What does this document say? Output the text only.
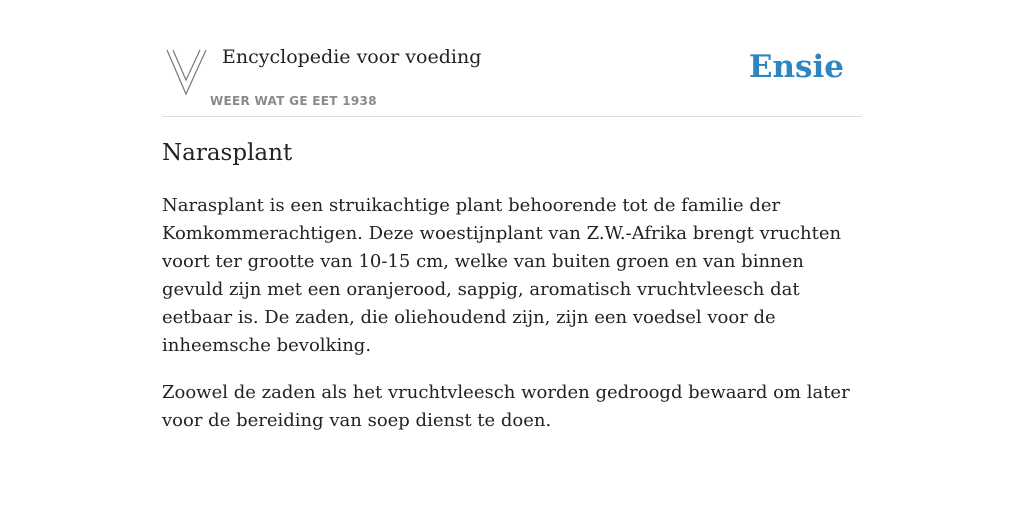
Encyclopedie voor voeding
WEER WAT GE EET 1938
Ensie
Narasplant

Narasplant is een struikachtige plant behoorende tot de familie der Komkommerachtigen. Deze woestijnplant van Z.W.-Afrika brengt vruchten voort ter grootte van 10-15 cm, welke van buiten groen en van binnen gevuld zijn met een oranjerood, sappig, aromatisch vruchtvleesch dat eetbaar is. De zaden, die oliehoudend zijn, zijn een voedsel voor de inheemsche bevolking.

Zoowel de zaden als het vruchtvleesch worden gedroogd bewaard om later voor de bereiding van soep dienst te doen.
